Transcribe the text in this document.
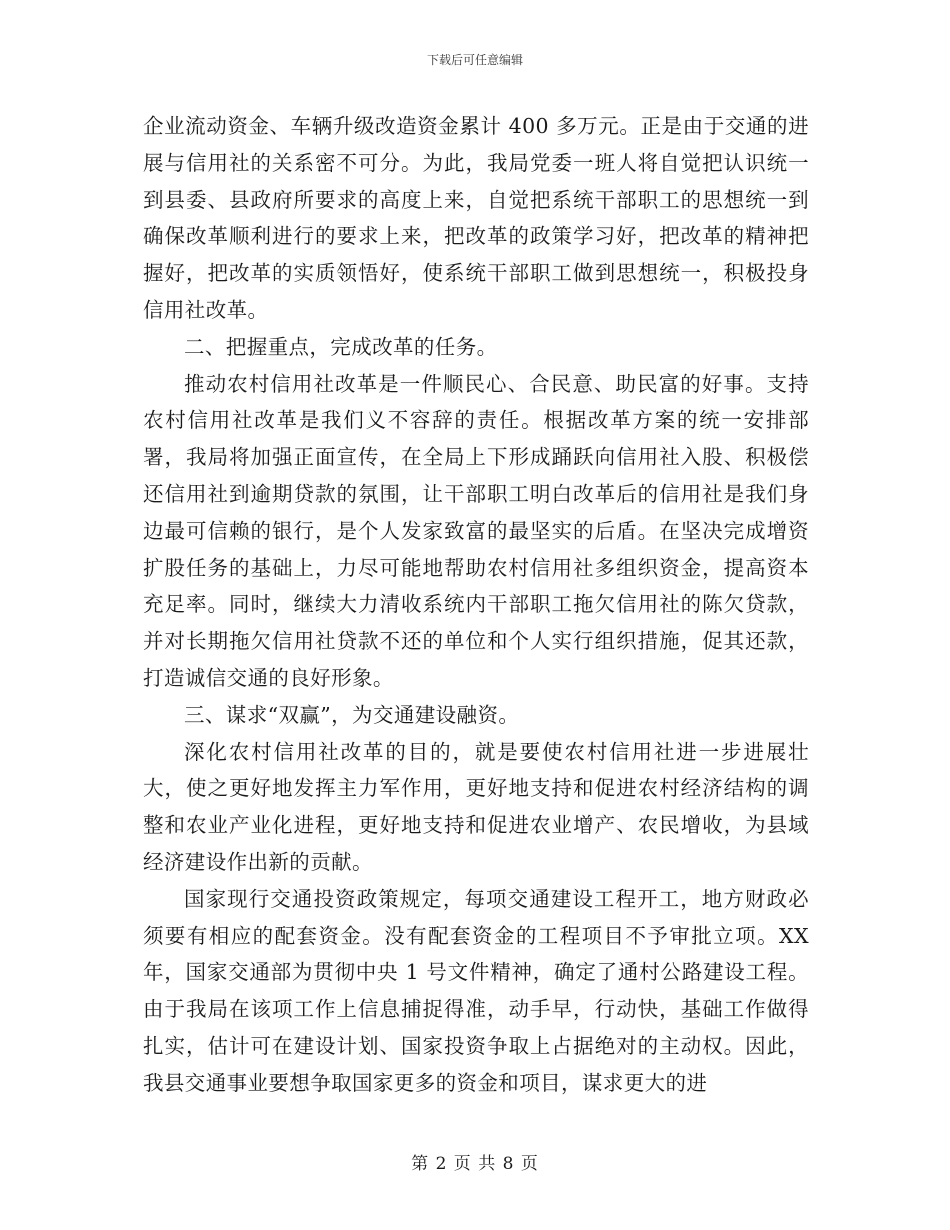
下载后可任意编辑

企业流动资金、车辆升级改造资金累计 400 多万元。正是由于交通的进展与信用社的关系密不可分。为此，我局党委一班人将自觉把认识统一到县委、县政府所要求的高度上来，自觉把系统干部职工的思想统一到确保改革顺利进行的要求上来，把改革的政策学习好，把改革的精神把握好，把改革的实质领悟好，使系统干部职工做到思想统一，积极投身信用社改革。

二、把握重点，完成改革的任务。

推动农村信用社改革是一件顺民心、合民意、助民富的好事。支持农村信用社改革是我们义不容辞的责任。根据改革方案的统一安排部署，我局将加强正面宣传，在全局上下形成踊跃向信用社入股、积极偿还信用社到逾期贷款的氛围，让干部职工明白改革后的信用社是我们身边最可信赖的银行，是个人发家致富的最坚实的后盾。在坚决完成增资扩股任务的基础上，力尽可能地帮助农村信用社多组织资金，提高资本充足率。同时，继续大力清收系统内干部职工拖欠信用社的陈欠贷款，并对长期拖欠信用社贷款不还的单位和个人实行组织措施，促其还款，打造诚信交通的良好形象。

三、谋求“双赢”，为交通建设融资。

深化农村信用社改革的目的，就是要使农村信用社进一步进展壮大，使之更好地发挥主力军作用，更好地支持和促进农村经济结构的调整和农业产业化进程，更好地支持和促进农业增产、农民增收，为县域经济建设作出新的贡献。

国家现行交通投资政策规定，每项交通建设工程开工，地方财政必须要有相应的配套资金。没有配套资金的工程项目不予审批立项。XX 年，国家交通部为贯彻中央 1 号文件精神，确定了通村公路建设工程。由于我局在该项工作上信息捕捉得准，动手早，行动快，基础工作做得扎实，估计可在建设计划、国家投资争取上占据绝对的主动权。因此，我县交通事业要想争取国家更多的资金和项目，谋求更大的进

第 2 页 共 8 页
